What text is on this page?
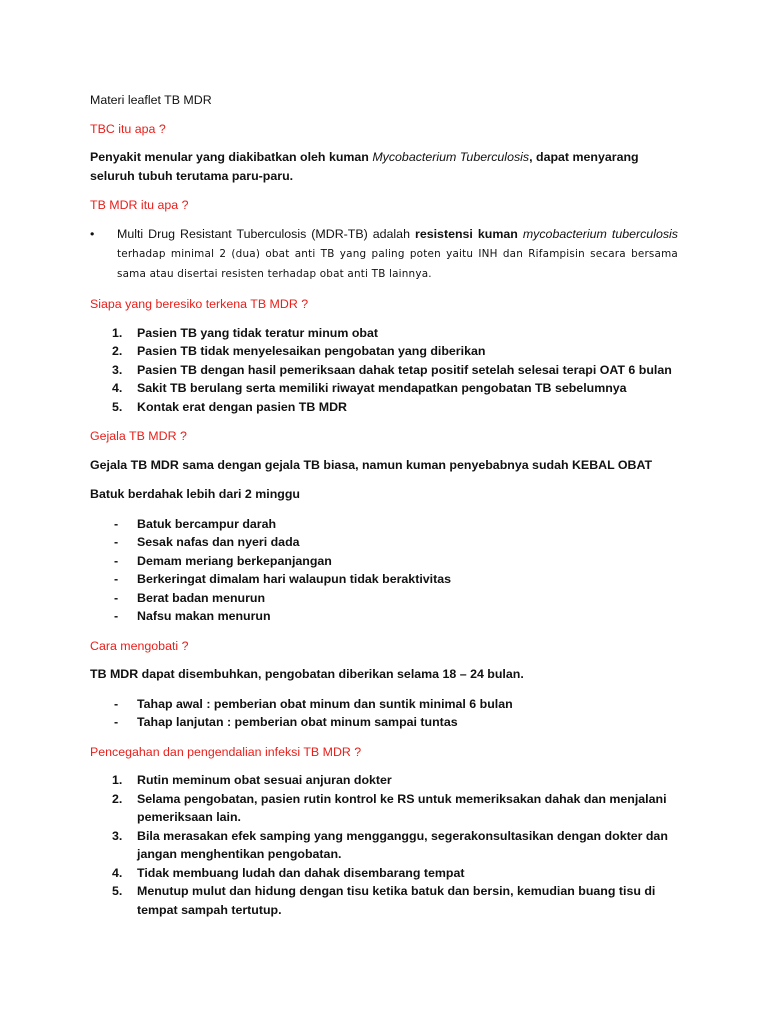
Materi leaflet TB MDR

TBC itu apa ?

Penyakit menular yang diakibatkan oleh kuman Mycobacterium Tuberculosis, dapat menyarang seluruh tubuh terutama paru-paru.

TB MDR itu apa ?

•	Multi Drug Resistant Tuberculosis (MDR-TB) adalah resistensi kuman mycobacterium tuberculosis terhadap minimal 2 (dua) obat anti TB yang paling poten yaitu INH dan Rifampisin secara bersama sama atau disertai resisten terhadap obat anti TB lainnya.

Siapa yang beresiko terkena TB MDR ?

1.	Pasien TB yang tidak teratur minum obat
2.	Pasien TB tidak menyelesaikan pengobatan yang diberikan
3.	Pasien TB dengan hasil pemeriksaan dahak tetap positif setelah selesai terapi OAT 6 bulan
4.	Sakit TB berulang serta memiliki riwayat mendapatkan pengobatan TB sebelumnya
5.	Kontak erat dengan pasien TB MDR

Gejala TB MDR ?

Gejala TB MDR sama dengan gejala TB biasa, namun kuman penyebabnya sudah KEBAL OBAT

Batuk berdahak lebih dari 2 minggu

-	Batuk bercampur darah
-	Sesak nafas dan nyeri dada
-	Demam meriang berkepanjangan
-	Berkeringat dimalam hari walaupun tidak beraktivitas
-	Berat badan menurun
-	Nafsu makan menurun

Cara mengobati ?

TB MDR dapat disembuhkan, pengobatan diberikan selama 18 – 24 bulan.

-	Tahap awal : pemberian obat minum dan suntik minimal 6 bulan
-	Tahap lanjutan : pemberian obat minum sampai tuntas

Pencegahan dan pengendalian infeksi TB MDR ?

1.	Rutin meminum obat sesuai anjuran dokter
2.	Selama pengobatan, pasien rutin kontrol ke RS untuk memeriksakan dahak dan menjalani pemeriksaan lain.
3.	Bila merasakan efek samping yang mengganggu, segerakonsultasikan dengan dokter dan jangan menghentikan pengobatan.
4.	Tidak membuang ludah dan dahak disembarang tempat
5.	Menutup mulut dan hidung dengan tisu ketika batuk dan bersin, kemudian buang tisu di tempat sampah tertutup.
